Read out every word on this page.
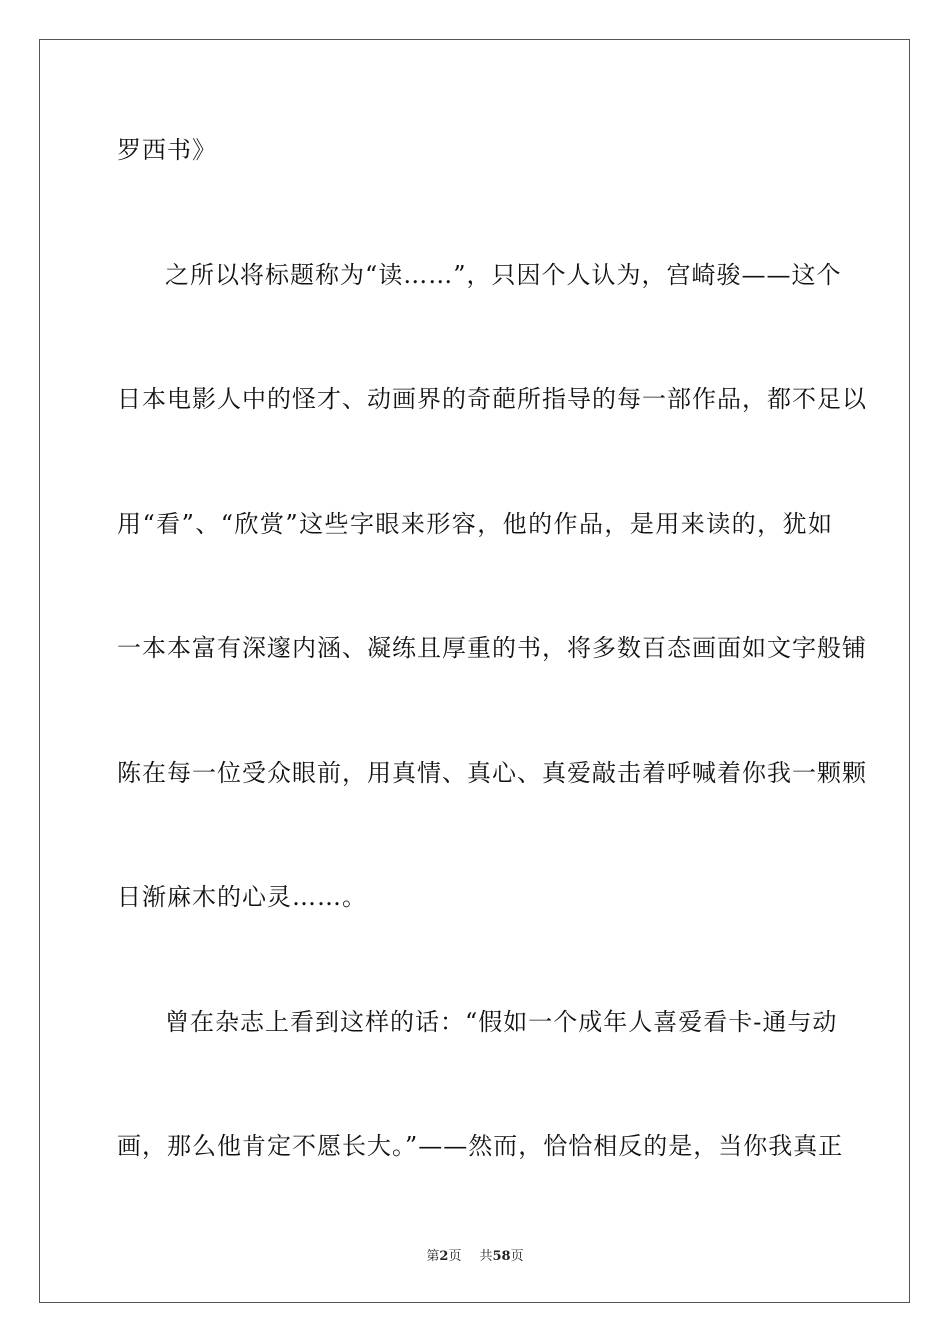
罗西书》
之所以将标题称为“读……”，只因个人认为，宫崎骏——这个
日本电影人中的怪才、动画界的奇葩所指导的每一部作品，都不足以
用“看”、“欣赏”这些字眼来形容，他的作品，是用来读的，犹如
一本本富有深邃内涵、凝练且厚重的书，将多数百态画面如文字般铺
陈在每一位受众眼前，用真情、真心、真爱敲击着呼喊着你我一颗颗
日渐麻木的心灵……。
曾在杂志上看到这样的话：“假如一个成年人喜爱看卡-通与动
画，那么他肯定不愿长大。”——然而，恰恰相反的是，当你我真正
第2页 共58页
